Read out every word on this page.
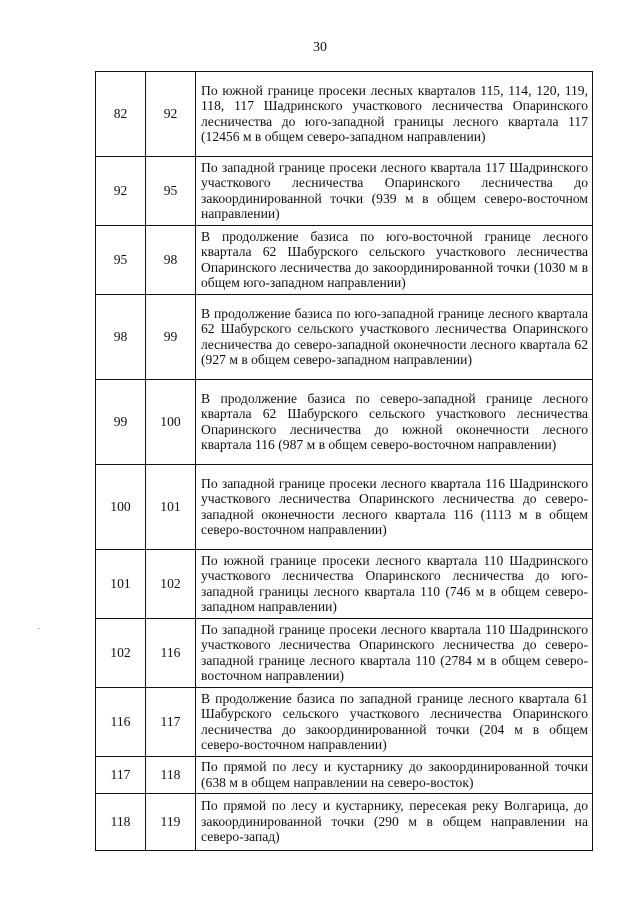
30
82	92	По южной границе просеки лесных кварталов 115, 114, 120, 119, 118, 117 Шадринского участкового лесничества Опаринского лесничества до юго-западной границы лесного квартала 117 (12456 м в общем северо-западном направлении)
92	95	По западной границе просеки лесного квартала 117 Шадринского участкового лесничества Опаринского лесничества до закоординированной точки (939 м в общем северо-восточном направлении)
95	98	В продолжение базиса по юго-восточной границе лесного квартала 62 Шабурского сельского участкового лесничества Опаринского лесничества до закоординированной точки (1030 м в общем юго-западном направлении)
98	99	В продолжение базиса по юго-западной границе лесного квартала 62 Шабурского сельского участкового лесничества Опаринского лесничества до северо-западной оконечности лесного квартала 62 (927 м в общем северо-западном направлении)
99	100	В продолжение базиса по северо-западной границе лесного квартала 62 Шабурского сельского участкового лесничества Опаринского лесничества до южной оконечности лесного квартала 116 (987 м в общем северо-восточном направлении)
100	101	По западной границе просеки лесного квартала 116 Шадринского участкового лесничества Опаринского лесничества до северо-западной оконечности лесного квартала 116 (1113 м в общем северо-восточном направлении)
101	102	По южной границе просеки лесного квартала 110 Шадринского участкового лесничества Опаринского лесничества до юго-западной границы лесного квартала 110 (746 м в общем северо-западном направлении)
102	116	По западной границе просеки лесного квартала 110 Шадринского участкового лесничества Опаринского лесничества до северо-западной границе лесного квартала 110 (2784 м в общем северо-восточном направлении)
116	117	В продолжение базиса по западной границе лесного квартала 61 Шабурского сельского участкового лесничества Опаринского лесничества до закоординированной точки (204 м в общем северо-восточном направлении)
117	118	По прямой по лесу и кустарнику до закоординированной точки (638 м в общем направлении на северо-восток)
118	119	По прямой по лесу и кустарнику, пересекая реку Волгарица, до закоординированной точки (290 м в общем направлении на северо-запад)
